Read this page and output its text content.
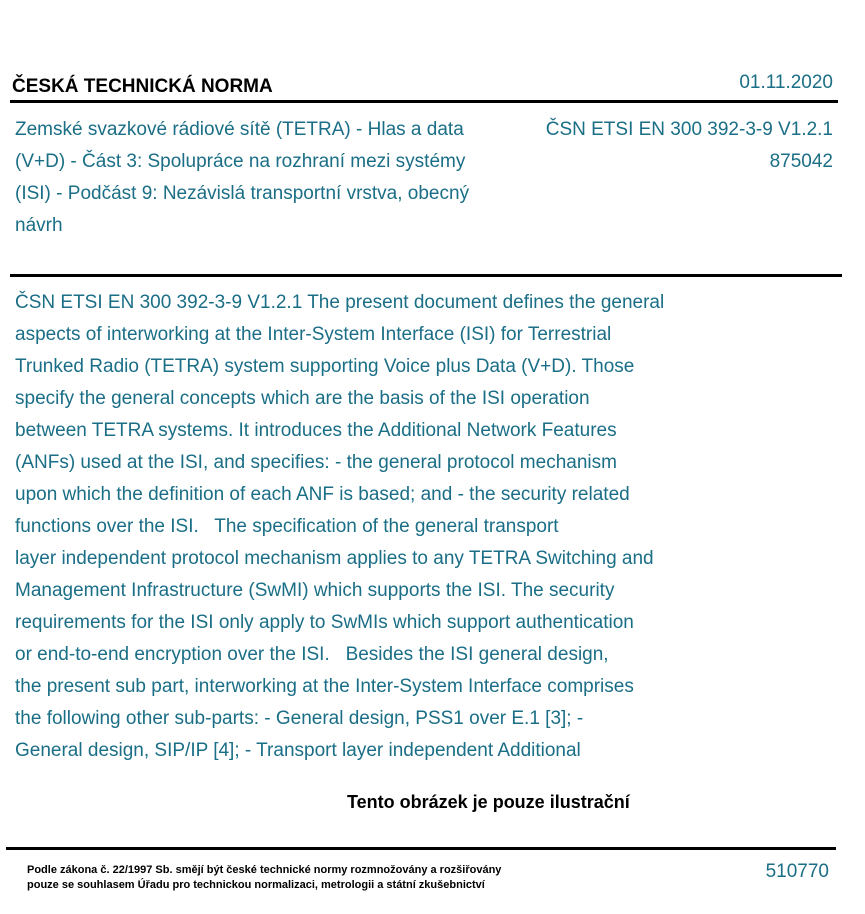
ČESKÁ TECHNICKÁ NORMA	01.11.2020
Zemské svazkové rádiové sítě (TETRA) - Hlas a data (V+D) - Část 3: Spolupráce na rozhraní mezi systémy (ISI) - Podčást 9: Nezávislá transportní vrstva, obecný návrh
ČSN ETSI EN 300 392-3-9 V1.2.1
875042
ČSN ETSI EN 300 392-3-9 V1.2.1 The present document defines the general
aspects of interworking at the Inter-System Interface (ISI) for Terrestrial
Trunked Radio (TETRA) system supporting Voice plus Data (V+D). Those
specify the general concepts which are the basis of the ISI operation
between TETRA systems. It introduces the Additional Network Features
(ANFs) used at the ISI, and specifies: - the general protocol mechanism
upon which the definition of each ANF is based; and - the security related
functions over the ISI.   The specification of the general transport
layer independent protocol mechanism applies to any TETRA Switching and
Management Infrastructure (SwMI) which supports the ISI. The security
requirements for the ISI only apply to SwMIs which support authentication
or end-to-end encryption over the ISI.   Besides the ISI general design,
the present sub part, interworking at the Inter-System Interface comprises
the following other sub-parts: - General design, PSS1 over E.1 [3]; -
General design, SIP/IP [4]; - Transport layer independent Additional
Tento obrázek je pouze ilustrační
Podle zákona č. 22/1997 Sb. smějí být české technické normy rozmnožovány a rozšiřovány
pouze se souhlasem Úřadu pro technickou normalizaci, metrologii a státní zkušebnictví
510770
